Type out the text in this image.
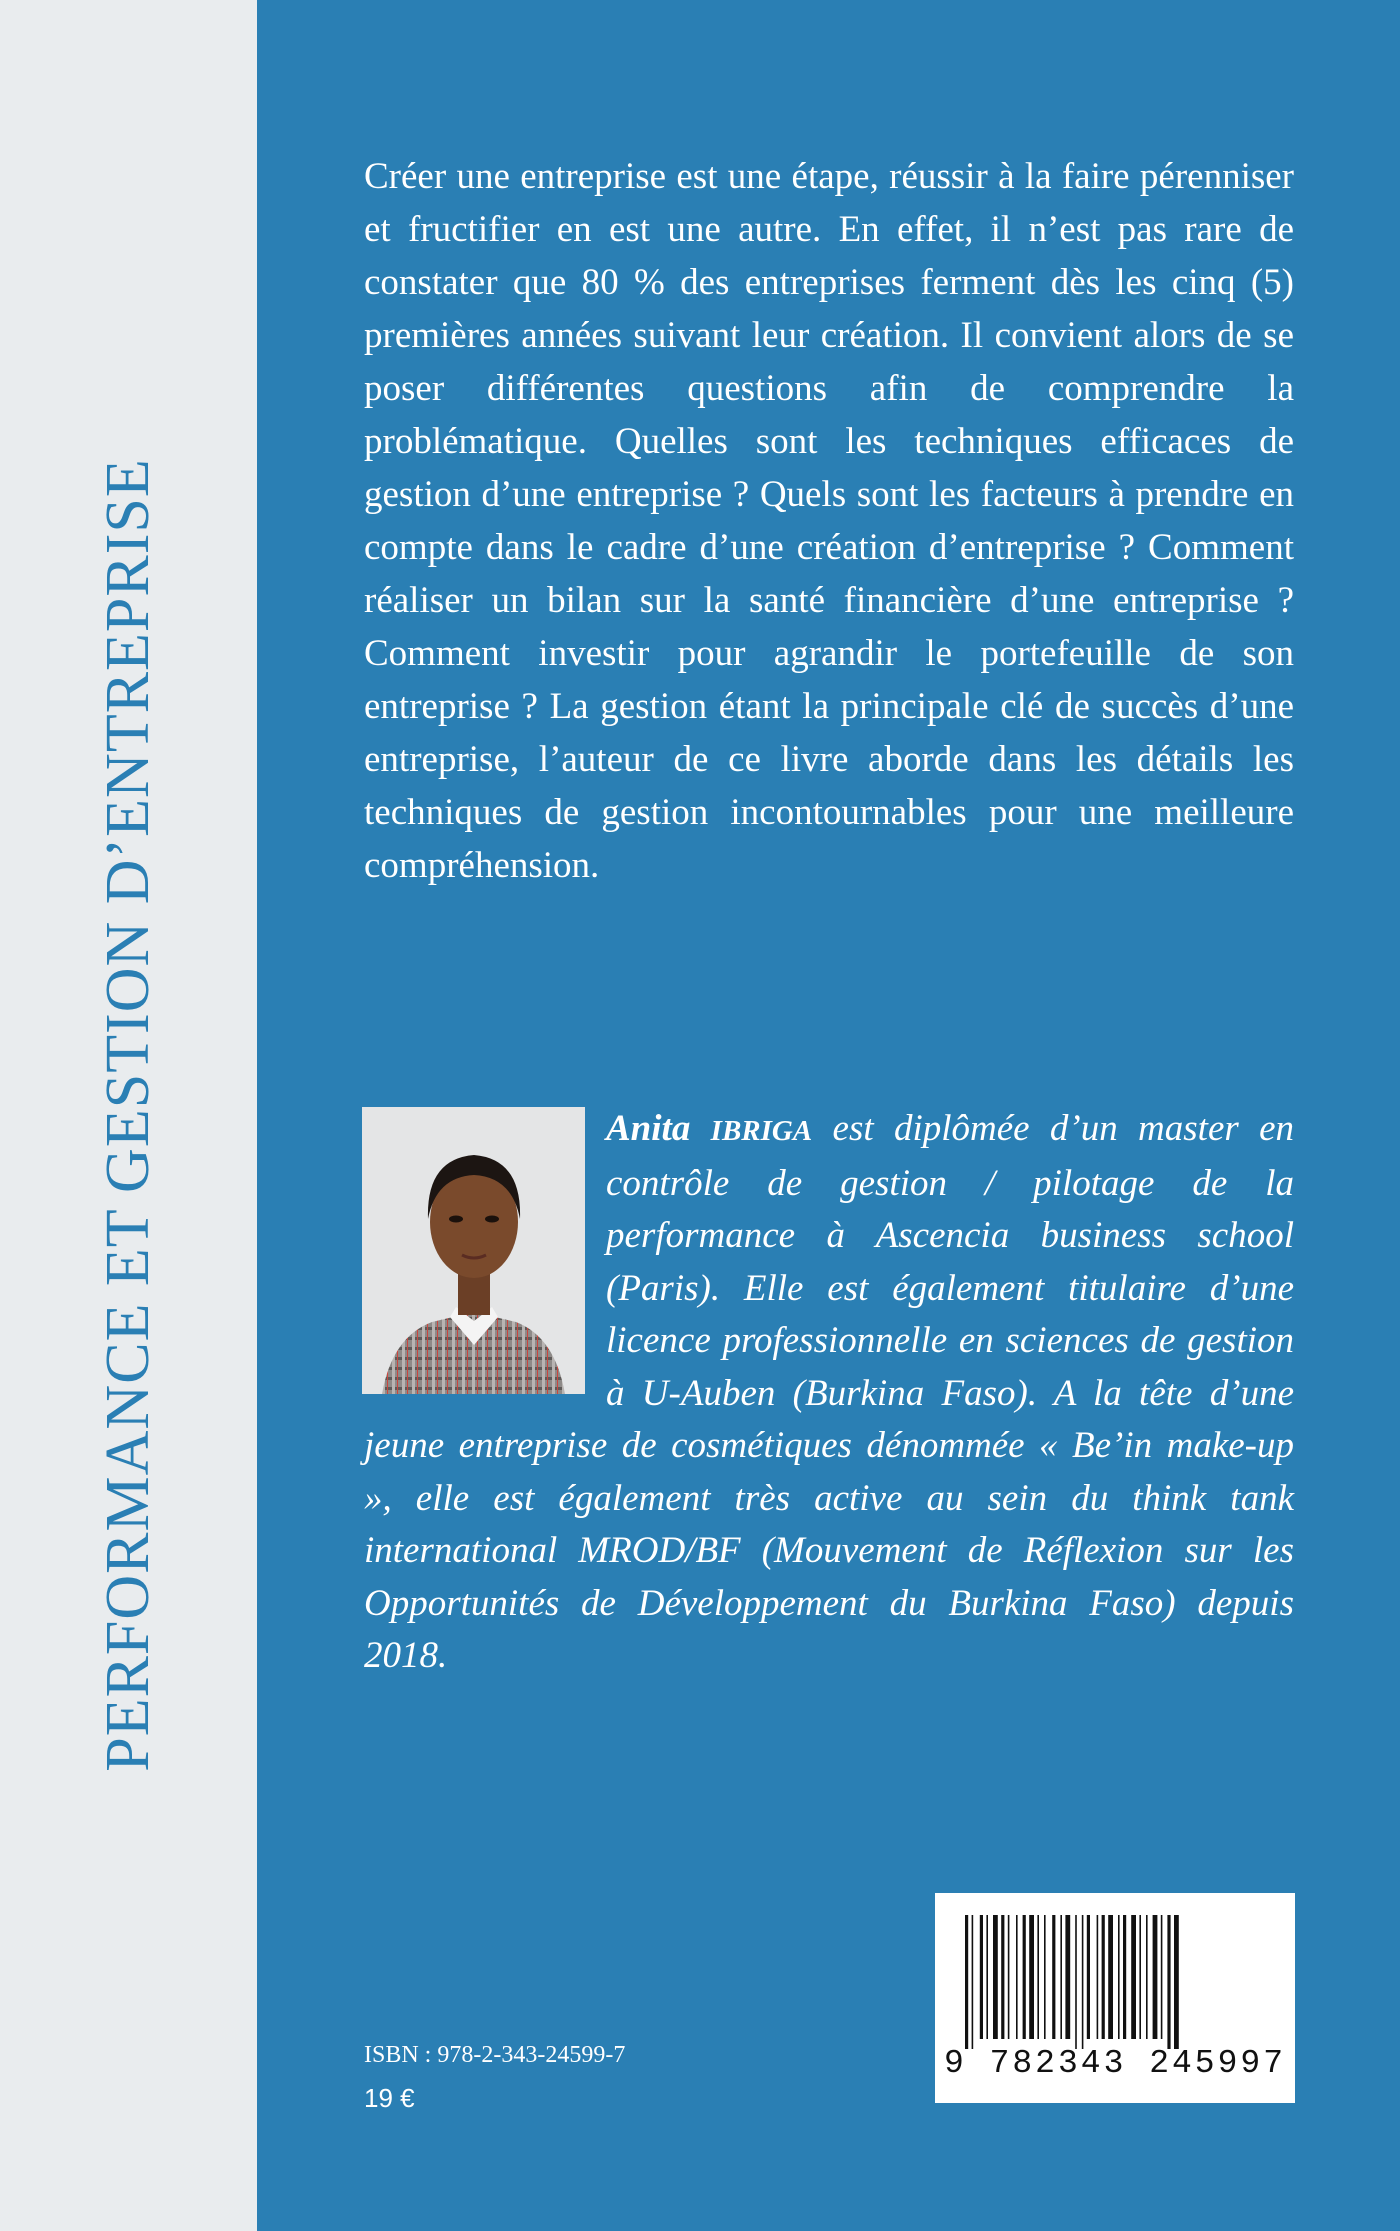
PERFORMANCE ET GESTION D’ENTREPRISE

Créer une entreprise est une étape, réussir à la faire pérenniser et fructifier en est une autre. En effet, il n’est pas rare de constater que 80 % des entreprises ferment dès les cinq (5) premières années suivant leur création. Il convient alors de se poser différentes questions afin de comprendre la problématique. Quelles sont les techniques efficaces de gestion d’une entreprise ? Quels sont les facteurs à prendre en compte dans le cadre d’une création d’entreprise ? Comment réaliser un bilan sur la santé financière d’une entreprise ? Comment investir pour agrandir le portefeuille de son entreprise ? La gestion étant la principale clé de succès d’une entreprise, l’auteur de ce livre aborde dans les détails les techniques de gestion incontournables pour une meilleure compréhension.

Anita IBRIGA est diplômée d’un master en contrôle de gestion / pilotage de la performance à Ascencia business school (Paris). Elle est également titulaire d’une licence professionnelle en sciences de gestion à U-Auben (Burkina Faso). A la tête d’une jeune entreprise de cosmétiques dénommée « Be’in make-up », elle est également très active au sein du think tank international MROD/BF (Mouvement de Réflexion sur les Opportunités de Développement du Burkina Faso) depuis 2018.

ISBN : 978-2-343-24599-7
19 €
9 782343 245997
